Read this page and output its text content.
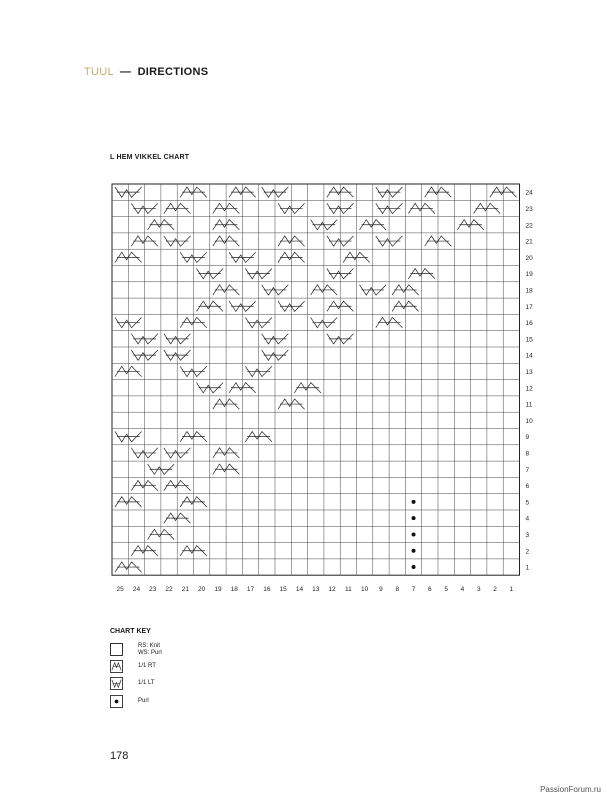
TUUL — DIRECTIONS
L HEM VIKKEL CHART
1
2
3
4
5
6
7
8
9
10
11
12
13
14
15
16
17
18
19
20
21
22
23
24
25 24 23 22 21 20 19 18 17 16 15 14 13 12 11 10 9 8 7 6 5 4 3 2 1
CHART KEY
RS: Knit
WS: Purl
1/1 RT
1/1 LT
Purl
178
PassionForum.ru
